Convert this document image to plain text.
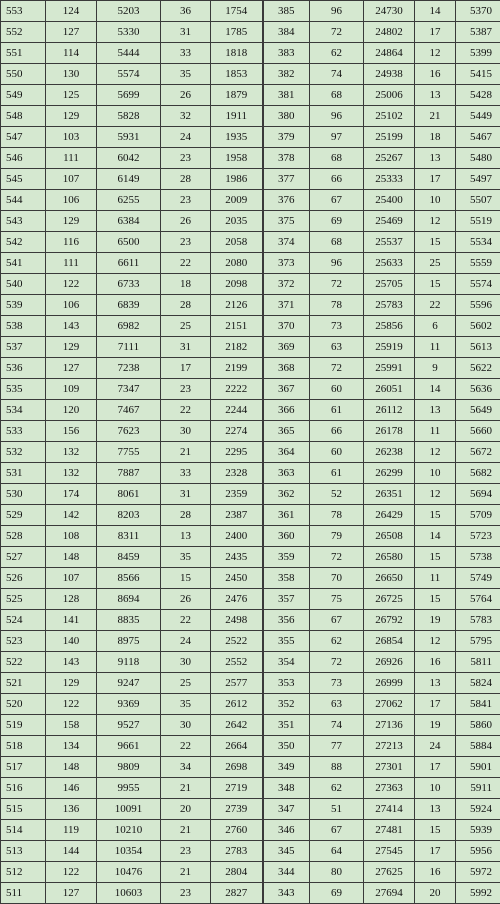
553	124	5203	36	1754	385	96	24730	14	5370
552	127	5330	31	1785	384	72	24802	17	5387
551	114	5444	33	1818	383	62	24864	12	5399
550	130	5574	35	1853	382	74	24938	16	5415
549	125	5699	26	1879	381	68	25006	13	5428
548	129	5828	32	1911	380	96	25102	21	5449
547	103	5931	24	1935	379	97	25199	18	5467
546	111	6042	23	1958	378	68	25267	13	5480
545	107	6149	28	1986	377	66	25333	17	5497
544	106	6255	23	2009	376	67	25400	10	5507
543	129	6384	26	2035	375	69	25469	12	5519
542	116	6500	23	2058	374	68	25537	15	5534
541	111	6611	22	2080	373	96	25633	25	5559
540	122	6733	18	2098	372	72	25705	15	5574
539	106	6839	28	2126	371	78	25783	22	5596
538	143	6982	25	2151	370	73	25856	6	5602
537	129	7111	31	2182	369	63	25919	11	5613
536	127	7238	17	2199	368	72	25991	9	5622
535	109	7347	23	2222	367	60	26051	14	5636
534	120	7467	22	2244	366	61	26112	13	5649
533	156	7623	30	2274	365	66	26178	11	5660
532	132	7755	21	2295	364	60	26238	12	5672
531	132	7887	33	2328	363	61	26299	10	5682
530	174	8061	31	2359	362	52	26351	12	5694
529	142	8203	28	2387	361	78	26429	15	5709
528	108	8311	13	2400	360	79	26508	14	5723
527	148	8459	35	2435	359	72	26580	15	5738
526	107	8566	15	2450	358	70	26650	11	5749
525	128	8694	26	2476	357	75	26725	15	5764
524	141	8835	22	2498	356	67	26792	19	5783
523	140	8975	24	2522	355	62	26854	12	5795
522	143	9118	30	2552	354	72	26926	16	5811
521	129	9247	25	2577	353	73	26999	13	5824
520	122	9369	35	2612	352	63	27062	17	5841
519	158	9527	30	2642	351	74	27136	19	5860
518	134	9661	22	2664	350	77	27213	24	5884
517	148	9809	34	2698	349	88	27301	17	5901
516	146	9955	21	2719	348	62	27363	10	5911
515	136	10091	20	2739	347	51	27414	13	5924
514	119	10210	21	2760	346	67	27481	15	5939
513	144	10354	23	2783	345	64	27545	17	5956
512	122	10476	21	2804	344	80	27625	16	5972
511	127	10603	23	2827	343	69	27694	20	5992
